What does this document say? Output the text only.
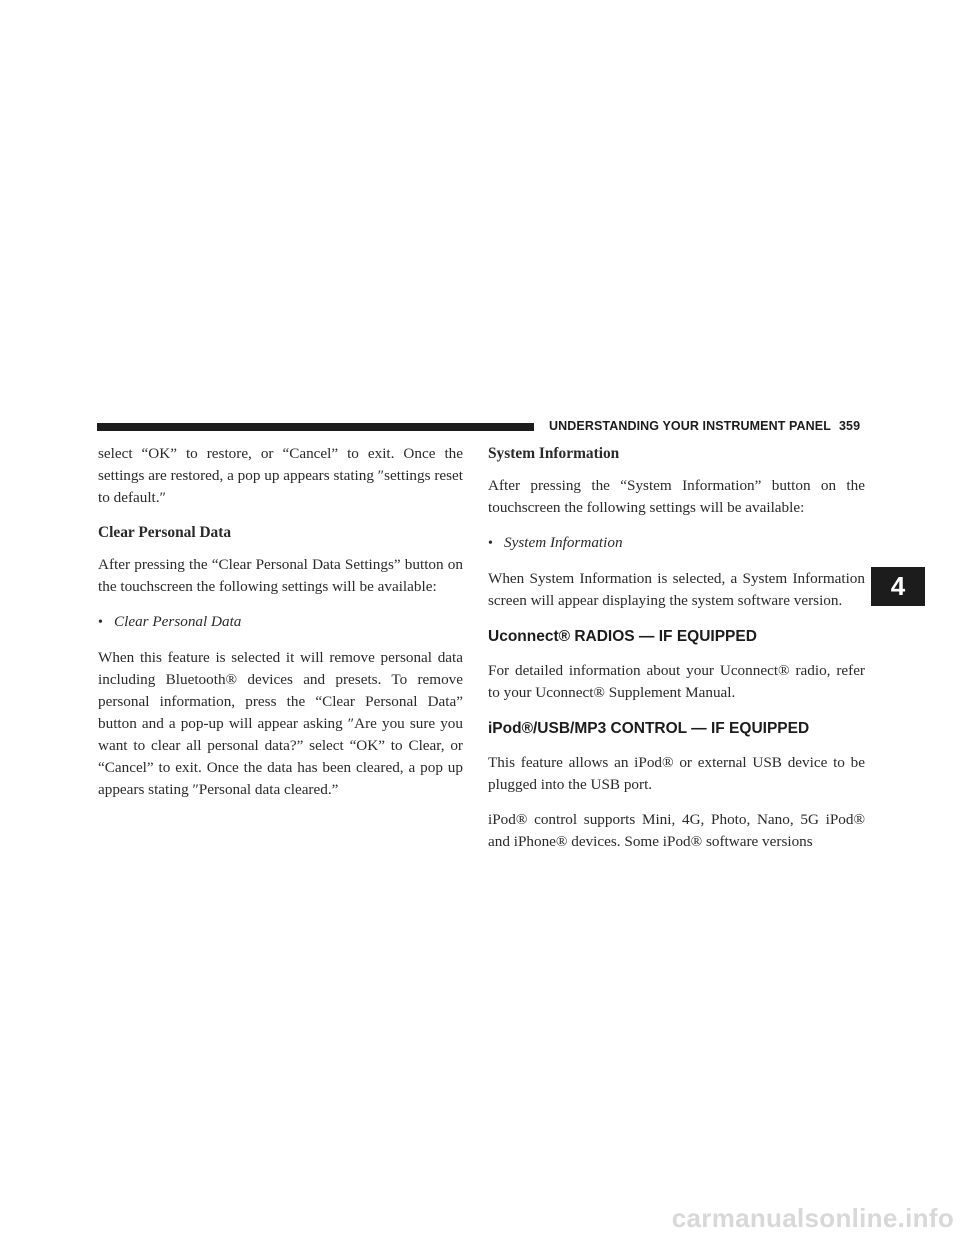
UNDERSTANDING YOUR INSTRUMENT PANEL 359

select “OK” to restore, or “Cancel” to exit. Once the settings are restored, a pop up appears stating ″settings reset to default.″

Clear Personal Data

After pressing the “Clear Personal Data Settings” button on the touchscreen the following settings will be available:

• Clear Personal Data

When this feature is selected it will remove personal data including Bluetooth® devices and presets. To remove personal information, press the “Clear Personal Data” button and a pop-up will appear asking ″Are you sure you want to clear all personal data?” select “OK” to Clear, or “Cancel” to exit. Once the data has been cleared, a pop up appears stating ″Personal data cleared.”

System Information

After pressing the “System Information” button on the touchscreen the following settings will be available:

• System Information

When System Information is selected, a System Information screen will appear displaying the system software version.

Uconnect® RADIOS — IF EQUIPPED

For detailed information about your Uconnect® radio, refer to your Uconnect® Supplement Manual.

iPod®/USB/MP3 CONTROL — IF EQUIPPED

This feature allows an iPod® or external USB device to be plugged into the USB port.

iPod® control supports Mini, 4G, Photo, Nano, 5G iPod® and iPhone® devices. Some iPod® software versions

4
carmanualsonline.info
